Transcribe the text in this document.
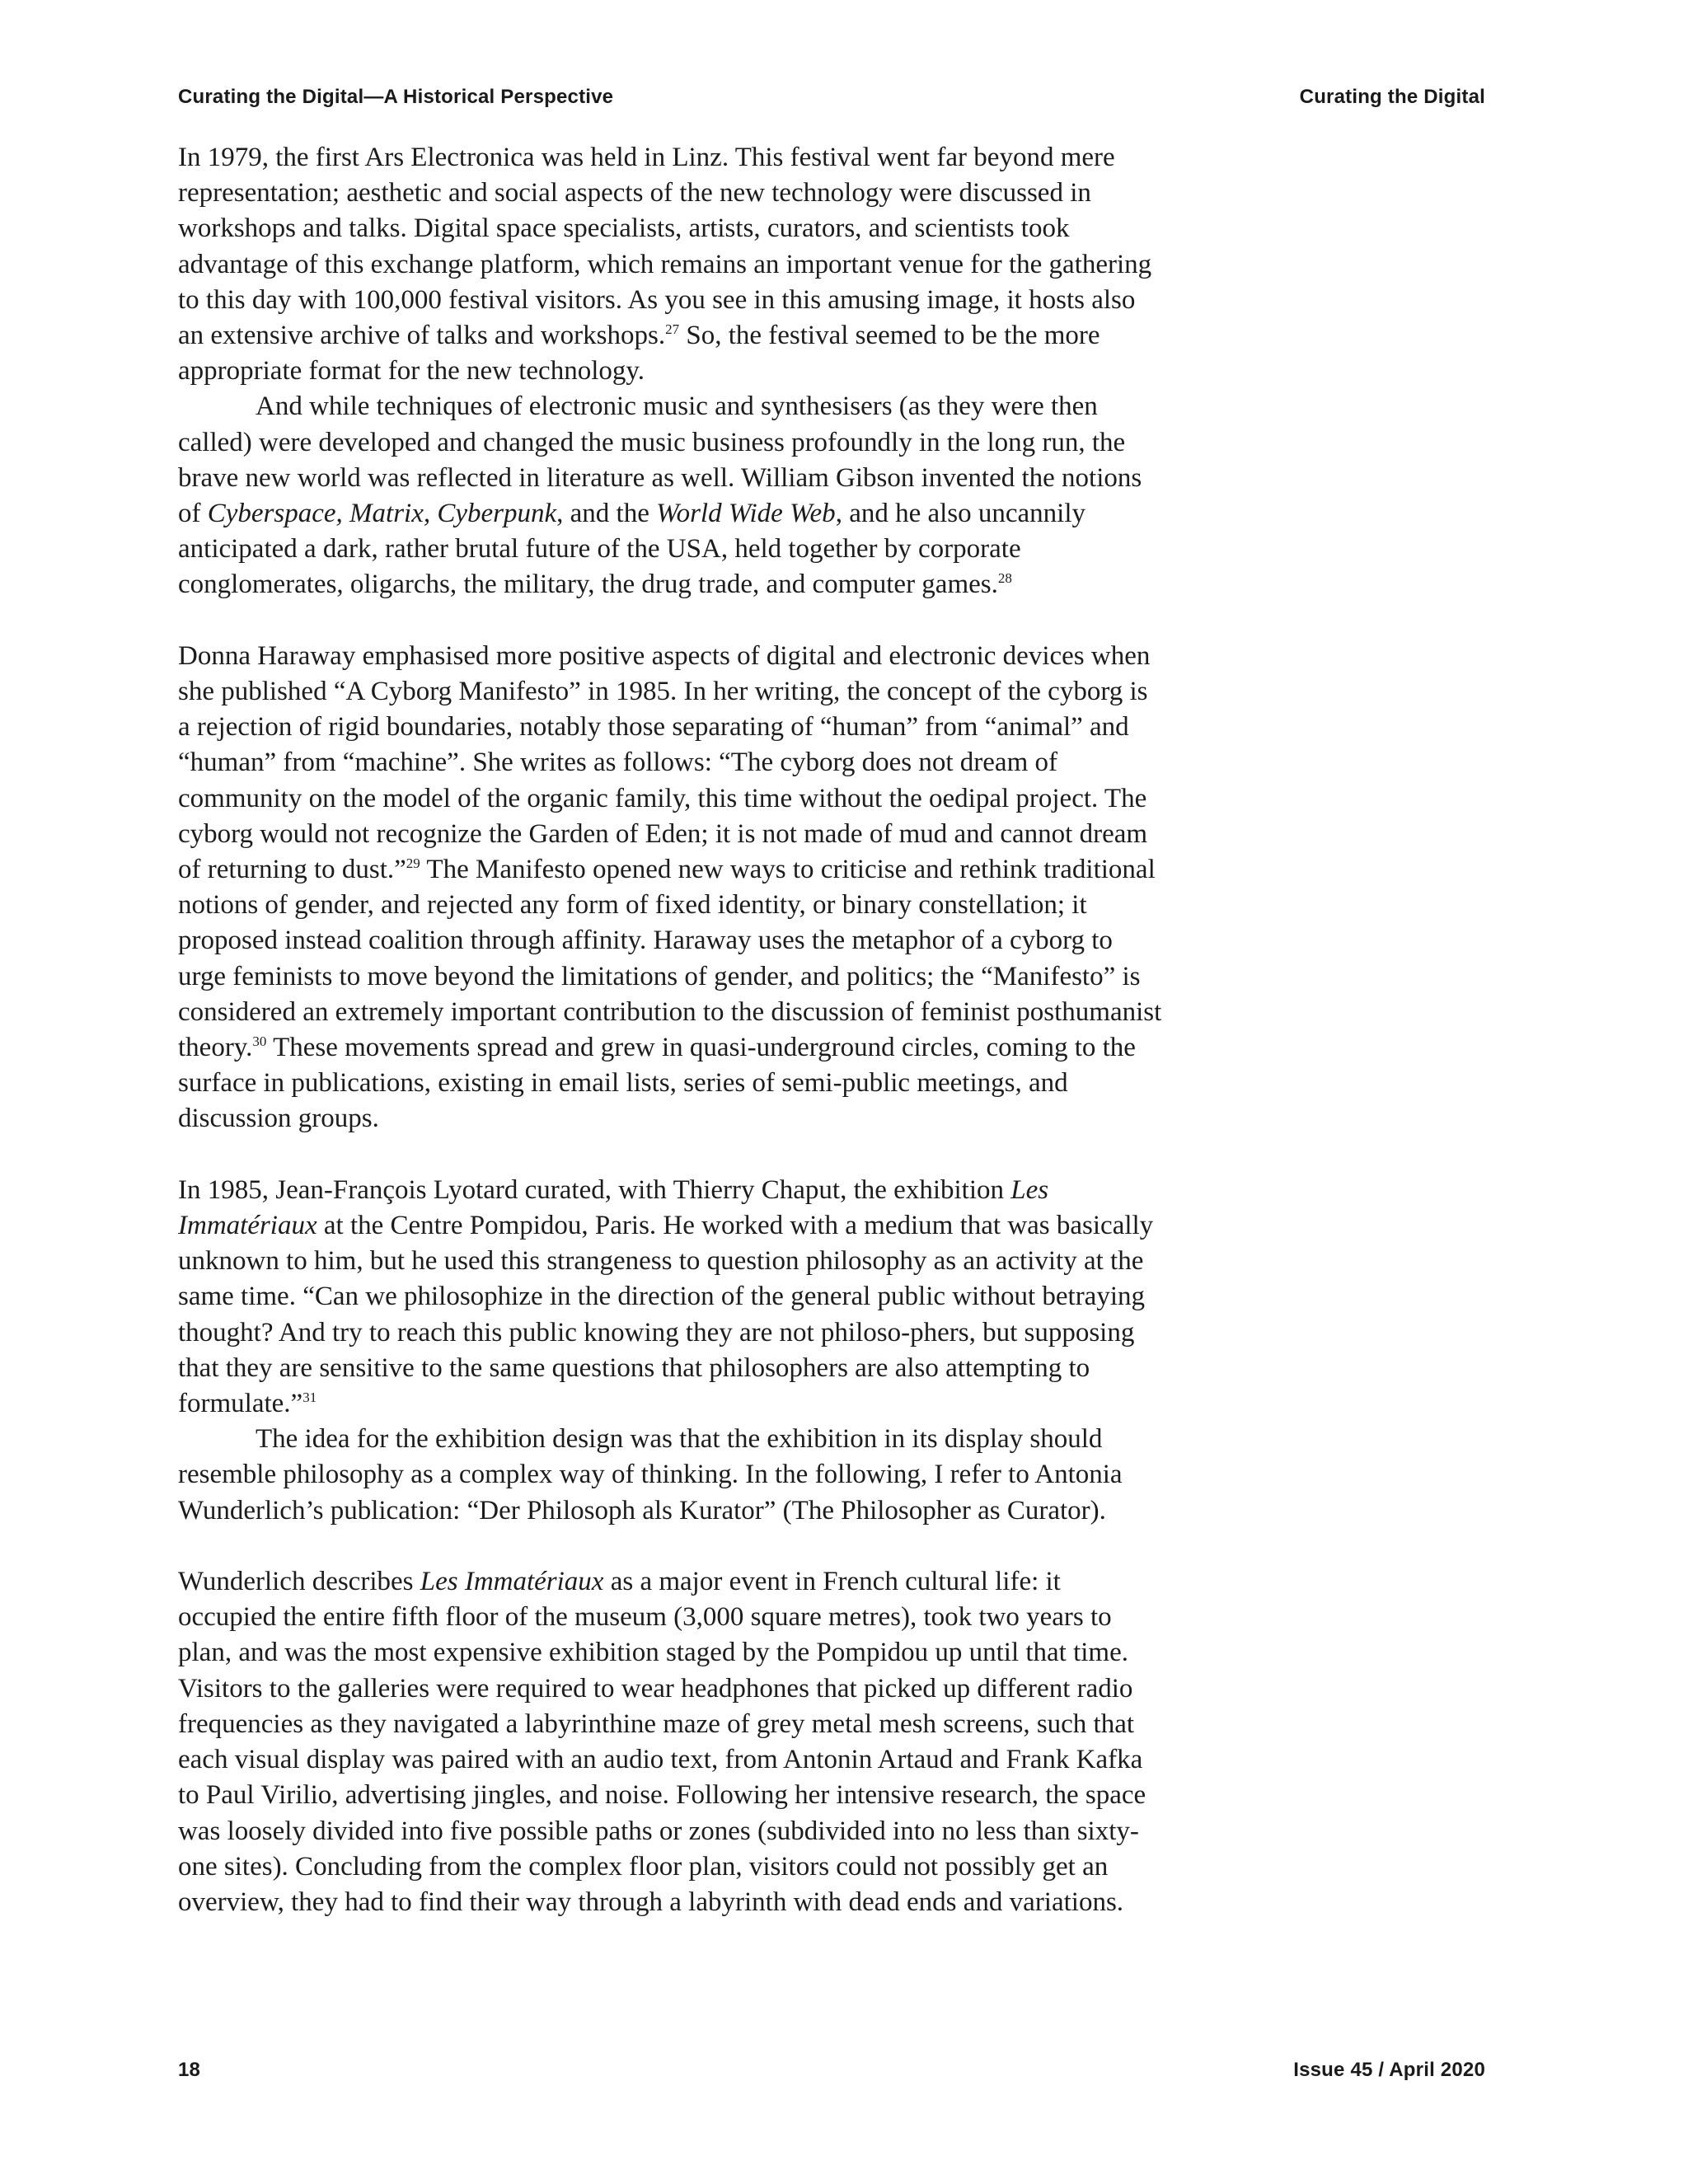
Curating the Digital—A Historical Perspective	Curating the Digital

In 1979, the first Ars Electronica was held in Linz. This festival went far beyond mere representation; aesthetic and social aspects of the new technology were discussed in workshops and talks. Digital space specialists, artists, curators, and scientists took advantage of this exchange platform, which remains an important venue for the gathering to this day with 100,000 festival visitors. As you see in this amusing image, it hosts also an extensive archive of talks and workshops.$^{27}$ So, the festival seemed to be the more appropriate format for the new technology.

And while techniques of electronic music and synthesisers (as they were then called) were developed and changed the music business profoundly in the long run, the brave new world was reflected in literature as well. William Gibson invented the notions of Cyberspace, Matrix, Cyberpunk, and the World Wide Web, and he also uncannily anticipated a dark, rather brutal future of the USA, held together by corporate conglomerates, oligarchs, the military, the drug trade, and computer games.$^{28}$

Donna Haraway emphasised more positive aspects of digital and electronic devices when she published “A Cyborg Manifesto” in 1985. In her writing, the concept of the cyborg is a rejection of rigid boundaries, notably those separating of “human” from “animal” and “human” from “machine”. She writes as follows: “The cyborg does not dream of community on the model of the organic family, this time without the oedipal project. The cyborg would not recognize the Garden of Eden; it is not made of mud and cannot dream of returning to dust.”$^{29}$ The Manifesto opened new ways to criticise and rethink traditional notions of gender, and rejected any form of fixed identity, or binary constellation; it proposed instead coalition through affinity. Haraway uses the metaphor of a cyborg to urge feminists to move beyond the limitations of gender, and politics; the “Manifesto” is considered an extremely important contribution to the discussion of feminist posthumanist theory.$^{30}$ These movements spread and grew in quasi-underground circles, coming to the surface in publications, existing in email lists, series of semi-public meetings, and discussion groups.

In 1985, Jean-François Lyotard curated, with Thierry Chaput, the exhibition Les Immatériaux at the Centre Pompidou, Paris. He worked with a medium that was basically unknown to him, but he used this strangeness to question philosophy as an activity at the same time. “Can we philosophize in the direction of the general public without betraying thought? And try to reach this public knowing they are not philoso-phers, but supposing that they are sensitive to the same questions that philosophers are also attempting to formulate.”$^{31}$

The idea for the exhibition design was that the exhibition in its display should resemble philosophy as a complex way of thinking. In the following, I refer to Antonia Wunderlich’s publication: “Der Philosoph als Kurator” (The Philosopher as Curator).

Wunderlich describes Les Immatériaux as a major event in French cultural life: it occupied the entire fifth floor of the museum (3,000 square metres), took two years to plan, and was the most expensive exhibition staged by the Pompidou up until that time. Visitors to the galleries were required to wear headphones that picked up different radio frequencies as they navigated a labyrinthine maze of grey metal mesh screens, such that each visual display was paired with an audio text, from Antonin Artaud and Frank Kafka to Paul Virilio, advertising jingles, and noise. Following her intensive research, the space was loosely divided into five possible paths or zones (subdivided into no less than sixty-one sites). Concluding from the complex floor plan, visitors could not possibly get an overview, they had to find their way through a labyrinth with dead ends and variations.

18	Issue 45 / April 2020
